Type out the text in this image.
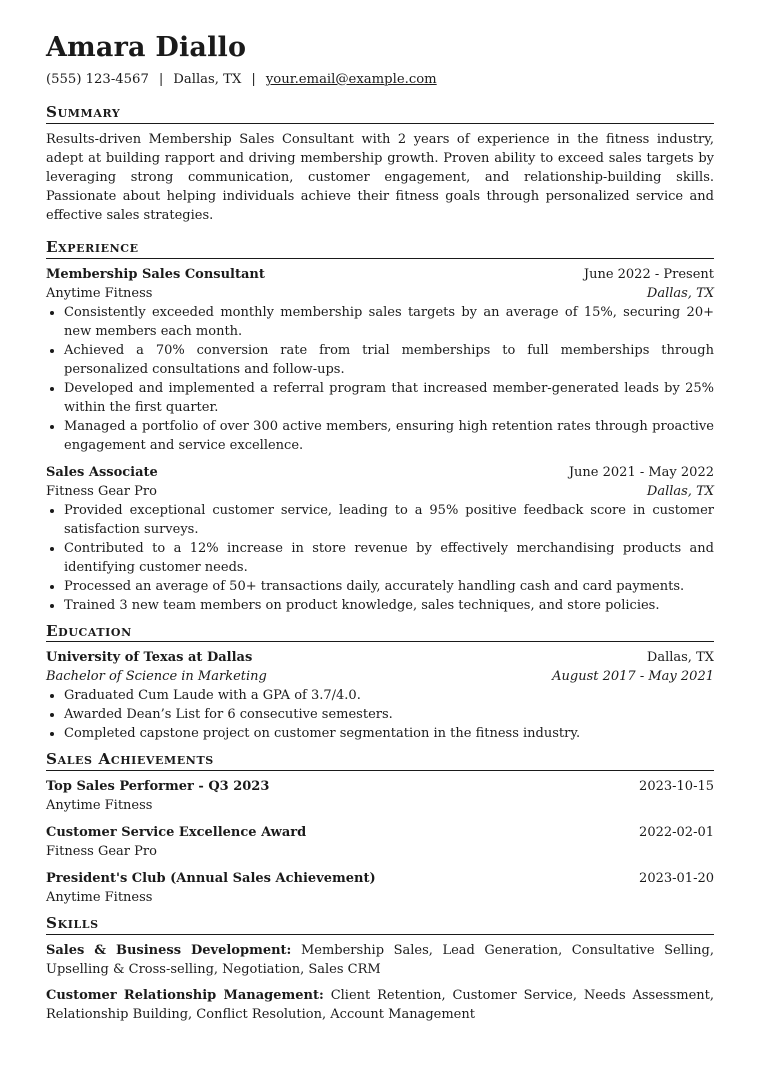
Amara Diallo
(555) 123-4567 | Dallas, TX | your.email@example.com
Summary

Results-driven Membership Sales Consultant with 2 years of experience in the fitness industry, adept at building rapport and driving membership growth. Proven ability to exceed sales targets by leveraging strong communication, customer engagement, and relationship-building skills. Passionate about helping individuals achieve their fitness goals through personalized service and effective sales strategies.

Experience
Membership Sales Consultant	June 2022 - Present
Anytime Fitness	Dallas, TX
• Consistently exceeded monthly membership sales targets by an average of 15%, securing 20+ new members each month.
• Achieved a 70% conversion rate from trial memberships to full memberships through personalized consultations and follow-ups.
• Developed and implemented a referral program that increased member-generated leads by 25% within the first quarter.
• Managed a portfolio of over 300 active members, ensuring high retention rates through proactive engagement and service excellence.
Sales Associate	June 2021 - May 2022
Fitness Gear Pro	Dallas, TX
• Provided exceptional customer service, leading to a 95% positive feedback score in customer satisfaction surveys.
• Contributed to a 12% increase in store revenue by effectively merchandising products and identifying customer needs.
• Processed an average of 50+ transactions daily, accurately handling cash and card payments.
• Trained 3 new team members on product knowledge, sales techniques, and store policies.
Education
University of Texas at Dallas	Dallas, TX
Bachelor of Science in Marketing	August 2017 - May 2021
• Graduated Cum Laude with a GPA of 3.7/4.0.
• Awarded Dean’s List for 6 consecutive semesters.
• Completed capstone project on customer segmentation in the fitness industry.
Sales Achievements
Top Sales Performer - Q3 2023	2023-10-15
Anytime Fitness
Customer Service Excellence Award	2022-02-01
Fitness Gear Pro
President's Club (Annual Sales Achievement)	2023-01-20
Anytime Fitness
Skills

Sales & Business Development: Membership Sales, Lead Generation, Consultative Selling, Upselling & Cross-selling, Negotiation, Sales CRM

Customer Relationship Management: Client Retention, Customer Service, Needs Assessment, Relationship Building, Conflict Resolution, Account Management
